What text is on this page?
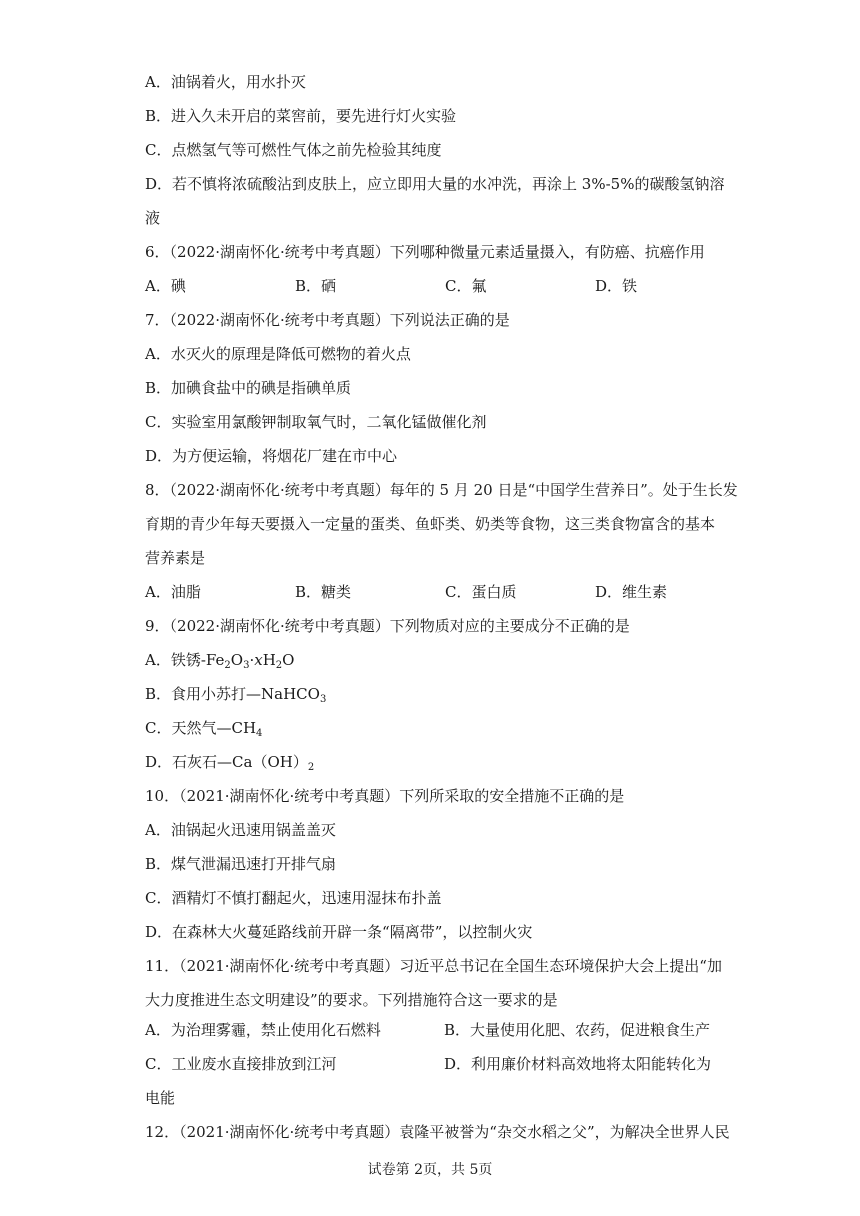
A．油锅着火，用水扑灭
B．进入久未开启的菜窖前，要先进行灯火实验
C．点燃氢气等可燃性气体之前先检验其纯度
D．若不慎将浓硫酸沾到皮肤上，应立即用大量的水冲洗，再涂上 3%-5%的碳酸氢钠溶
液
6．（2022·湖南怀化·统考中考真题）下列哪种微量元素适量摄入，有防癌、抗癌作用
A．碘	B．硒	C．氟	D．铁
7．（2022·湖南怀化·统考中考真题）下列说法正确的是
A．水灭火的原理是降低可燃物的着火点
B．加碘食盐中的碘是指碘单质
C．实验室用氯酸钾制取氧气时，二氧化锰做催化剂
D．为方便运输，将烟花厂建在市中心
8．（2022·湖南怀化·统考中考真题）每年的 5 月 20 日是“中国学生营养日”。处于生长发
育期的青少年每天要摄入一定量的蛋类、鱼虾类、奶类等食物，这三类食物富含的基本
营养素是
A．油脂	B．糖类	C．蛋白质	D．维生素
9．（2022·湖南怀化·统考中考真题）下列物质对应的主要成分不正确的是
A．铁锈$-Fe_2O_3\cdot xH_2O$
B．食用小苏打—NaHCO$_3$
C．天然气$—CH_4$
D．石灰石$—Ca(OH)_2$
10．（2021·湖南怀化·统考中考真题）下列所采取的安全措施不正确的是
A．油锅起火迅速用锅盖盖灭
B．煤气泄漏迅速打开排气扇
C．酒精灯不慎打翻起火，迅速用湿抹布扑盖
D．在森林大火蔓延路线前开辟一条“隔离带”，以控制火灾
11．（2021·湖南怀化·统考中考真题）习近平总书记在全国生态环境保护大会上提出“加
大力度推进生态文明建设”的要求。下列措施符合这一要求的是
A．为治理雾霾，禁止使用化石燃料	B．大量使用化肥、农药，促进粮食生产
C．工业废水直接排放到江河	D．利用廉价材料高效地将太阳能转化为
电能
12．（2021·湖南怀化·统考中考真题）袁隆平被誉为“杂交水稻之父”，为解决全世界人民
试卷第 2页，共 5页
